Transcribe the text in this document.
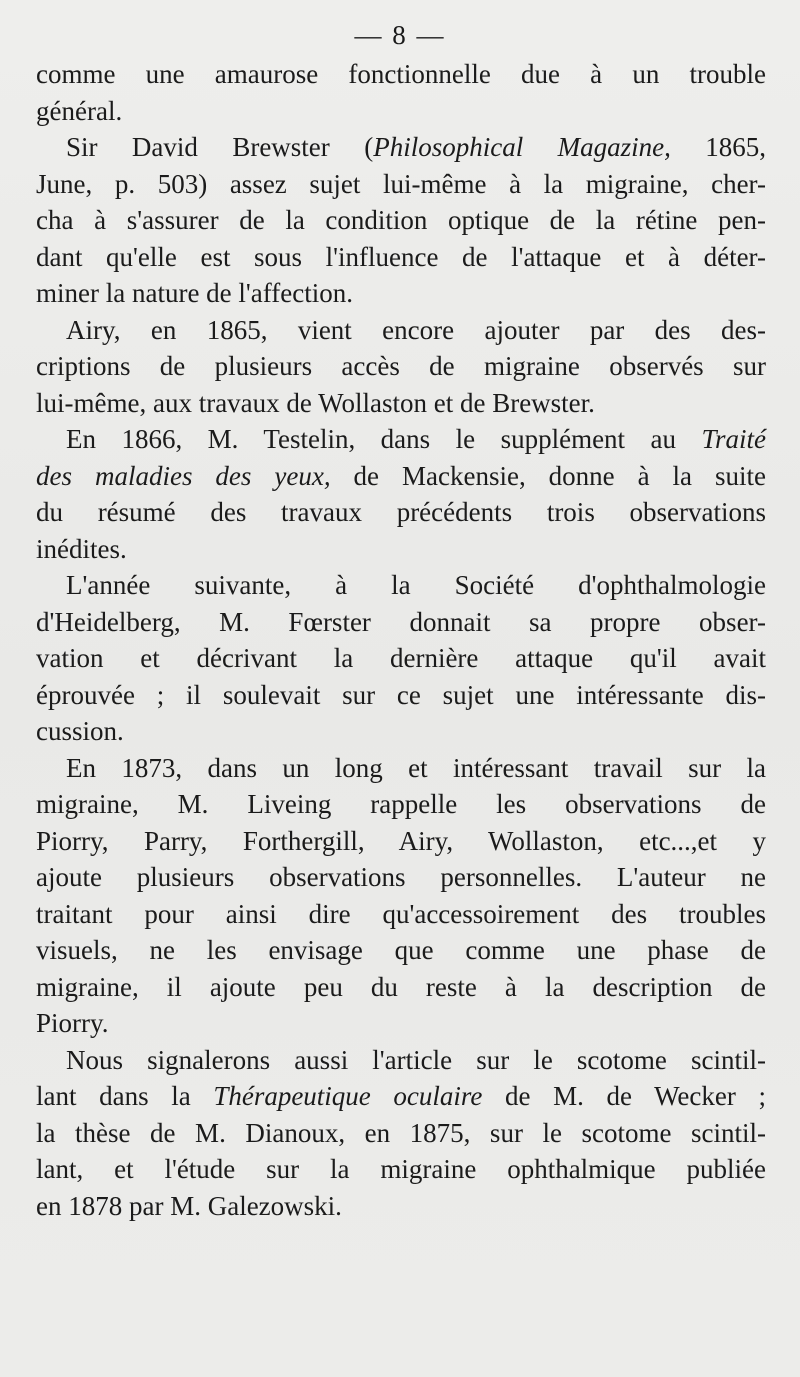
— 8 —
comme une amaurose fonctionnelle due à un trouble
général.
Sir David Brewster (Philosophical Magazine, 1865,
June, p. 503) assez sujet lui-même à la migraine, cher-
cha à s'assurer de la condition optique de la rétine pen-
dant qu'elle est sous l'influence de l'attaque et à déter-
miner la nature de l'affection.
Airy, en 1865, vient encore ajouter par des des-
criptions de plusieurs accès de migraine observés sur
lui-même, aux travaux de Wollaston et de Brewster.
En 1866, M. Testelin, dans le supplément au Traité
des maladies des yeux, de Mackensie, donne à la suite
du résumé des travaux précédents trois observations
inédites.
L'année suivante, à la Société d'ophthalmologie
d'Heidelberg, M. Fœrster donnait sa propre obser-
vation et décrivant la dernière attaque qu'il avait
éprouvée ; il soulevait sur ce sujet une intéressante dis-
cussion.
En 1873, dans un long et intéressant travail sur la
migraine, M. Liveing rappelle les observations de
Piorry, Parry, Forthergill, Airy, Wollaston, etc...,et y
ajoute plusieurs observations personnelles. L'auteur ne
traitant pour ainsi dire qu'accessoirement des troubles
visuels, ne les envisage que comme une phase de
migraine, il ajoute peu du reste à la description de
Piorry.
Nous signalerons aussi l'article sur le scotome scintil-
lant dans la Thérapeutique oculaire de M. de Wecker ;
la thèse de M. Dianoux, en 1875, sur le scotome scintil-
lant, et l'étude sur la migraine ophthalmique publiée
en 1878 par M. Galezowski.
